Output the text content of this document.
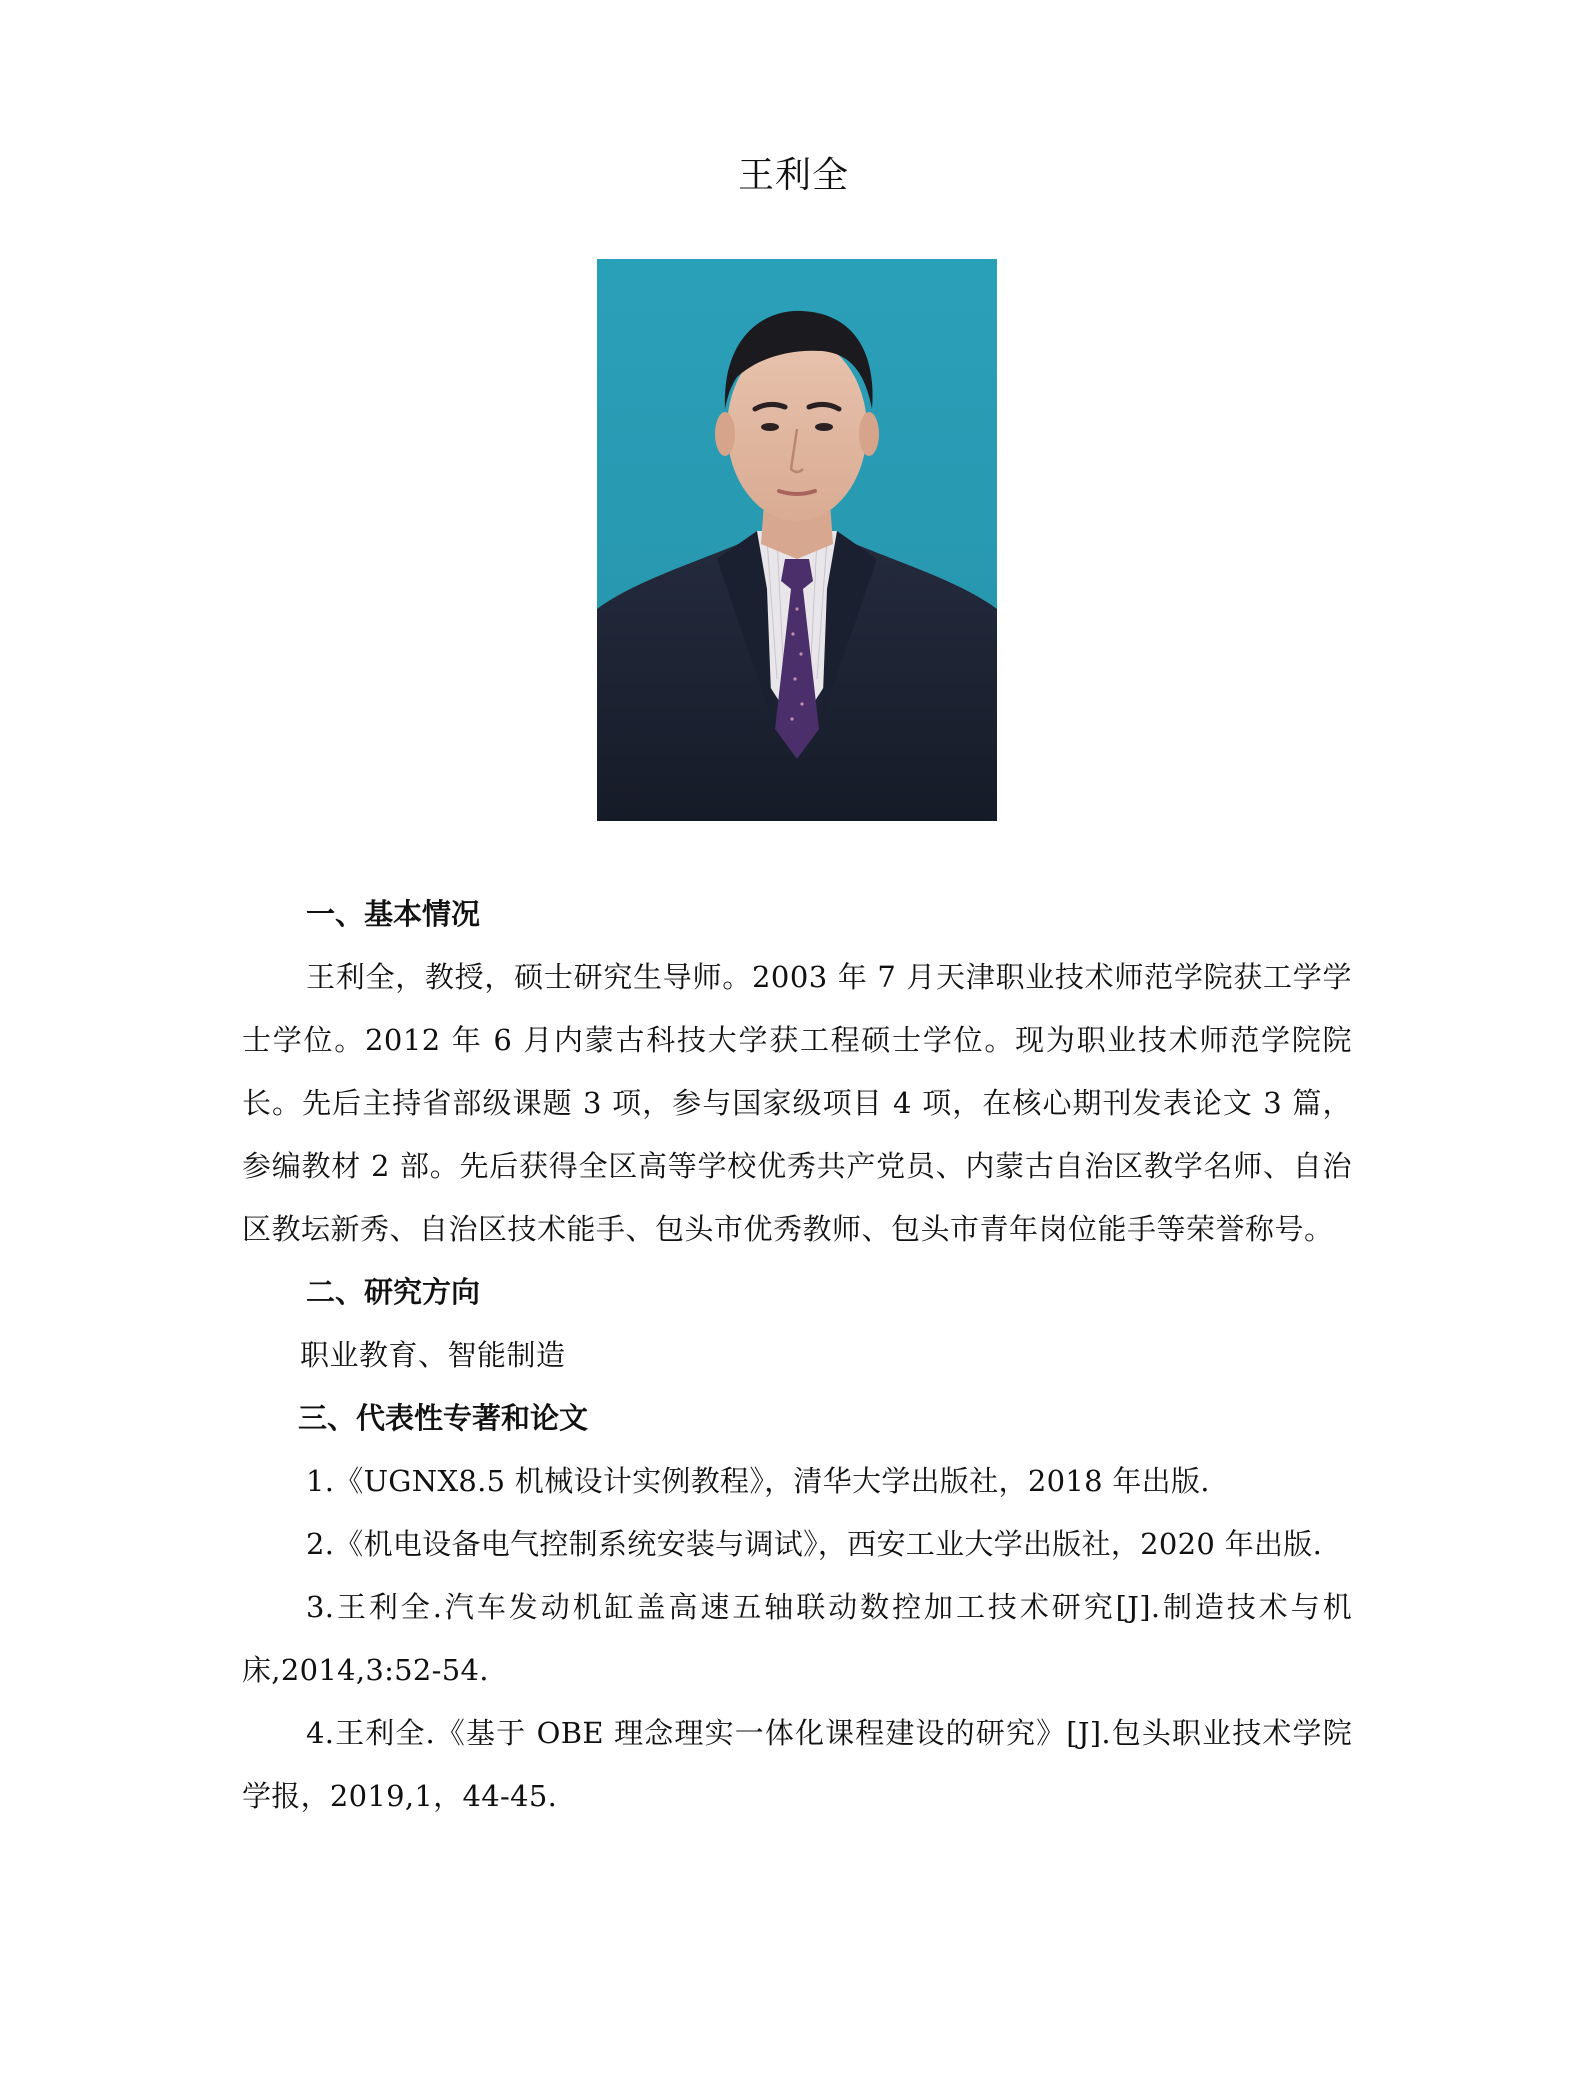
王利全

一、基本情况

王利全，教授，硕士研究生导师。2003 年 7 月天津职业技术师范学院获工学学士学位。2012 年 6 月内蒙古科技大学获工程硕士学位。现为职业技术师范学院院长。先后主持省部级课题 3 项，参与国家级项目 4 项，在核心期刊发表论文 3 篇，参编教材 2 部。先后获得全区高等学校优秀共产党员、内蒙古自治区教学名师、自治区教坛新秀、自治区技术能手、包头市优秀教师、包头市青年岗位能手等荣誉称号。

二、研究方向

职业教育、智能制造

三、代表性专著和论文

1.《UGNX8.5 机械设计实例教程》，清华大学出版社，2018 年出版.

2.《机电设备电气控制系统安装与调试》，西安工业大学出版社，2020 年出版.

3.王利全.汽车发动机缸盖高速五轴联动数控加工技术研究[J].制造技术与机床,2014,3:52-54.

4.王利全.《基于 OBE 理念理实一体化课程建设的研究》[J].包头职业技术学院学报，2019,1，44-45.
